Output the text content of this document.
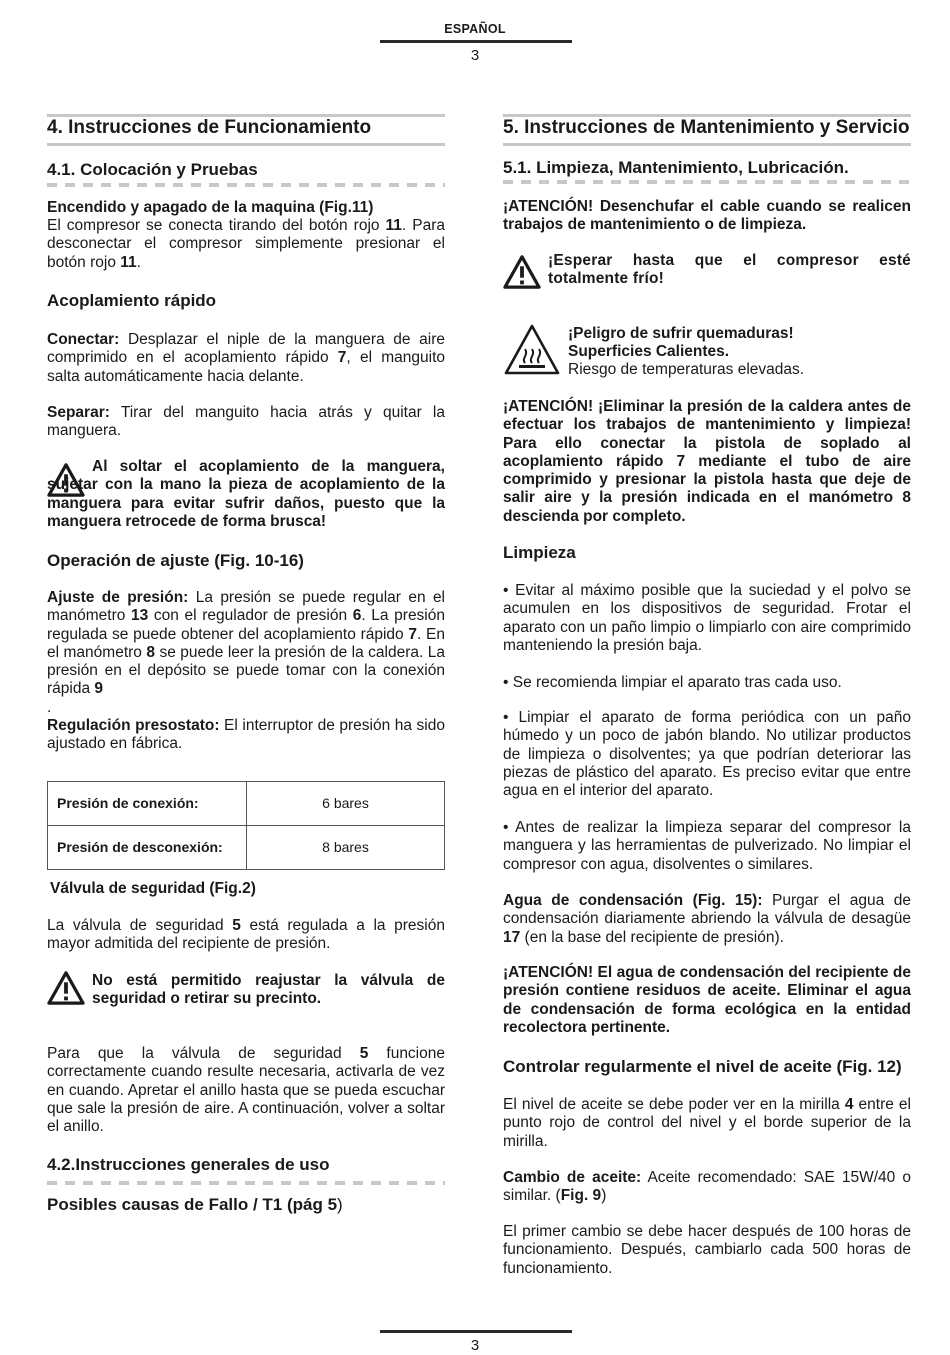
ESPAÑOL
3
4. Instrucciones de Funcionamiento
4.1. Colocación y Pruebas
Encendido y apagado de la maquina (Fig.11)
El compresor se conecta tirando del botón rojo 11. Para desconectar el compresor simplemente presionar el botón rojo 11.
Acoplamiento rápido
Conectar: Desplazar el niple de la manguera de aire comprimido en el acoplamiento rápido 7, el manguito salta automáticamente hacia delante.
Separar: Tirar del manguito hacia atrás y quitar la manguera.
Al soltar el acoplamiento de la manguera, sujetar con la mano la pieza de acoplamiento de la manguera para evitar sufrir daños, puesto que la manguera retrocede de forma brusca!
Operación de ajuste (Fig. 10-16)
Ajuste de presión: La presión se puede regular en el manómetro 13 con el regulador de presión 6. La presión regulada se puede obtener del acoplamiento rápido 7. En el manómetro 8 se puede leer la presión de la caldera. La presión en el depósito se puede tomar con la conexión rápida 9
.
Regulación presostato: El interruptor de presión ha sido ajustado en fábrica.
Presión de conexión:	6 bares
Presión de desconexión:	8 bares
Válvula de seguridad (Fig.2)
La válvula de seguridad 5 está regulada a la presión mayor admitida del recipiente de presión.
No está permitido reajustar la válvula de seguridad o retirar su precinto.
Para que la válvula de seguridad 5 funcione correctamente cuando resulte necesaria, activarla de vez en cuando. Apretar el anillo hasta que se pueda escuchar que sale la presión de aire. A continuación, volver a soltar el anillo.
4.2.Instrucciones generales de uso
Posibles causas de Fallo / T1 (pág 5)
5. Instrucciones de Mantenimiento y Servicio
5.1. Limpieza, Mantenimiento, Lubricación.
¡ATENCIÓN! Desenchufar el cable cuando se realicen trabajos de mantenimiento o de limpieza.
¡Esperar hasta que el compresor esté totalmente frío!
¡Peligro de sufrir quemaduras!
Superficies Calientes.
Riesgo de temperaturas elevadas.
¡ATENCIÓN! ¡Eliminar la presión de la caldera antes de efectuar los trabajos de mantenimiento y limpieza! Para ello conectar la pistola de soplado al acoplamiento rápido 7 mediante el tubo de aire comprimido y presionar la pistola hasta que deje de salir aire y la presión indicada en el manómetro 8 descienda por completo.
Limpieza
• Evitar al máximo posible que la suciedad y el polvo se acumulen en los dispositivos de seguridad. Frotar el aparato con un paño limpio o limpiarlo con aire comprimido manteniendo la presión baja.
• Se recomienda limpiar el aparato tras cada uso.
• Limpiar el aparato de forma periódica con un paño húmedo y un poco de jabón blando. No utilizar productos de limpieza o disolventes; ya que podrían deteriorar las piezas de plástico del aparato. Es preciso evitar que entre agua en el interior del aparato.
• Antes de realizar la limpieza separar del compresor la manguera y las herramientas de pulverizado. No limpiar el compresor con agua, disolventes o similares.
Agua de condensación (Fig. 15): Purgar el agua de condensación diariamente abriendo la válvula de desagüe 17 (en la base del recipiente de presión).
¡ATENCIÓN! El agua de condensación del recipiente de presión contiene residuos de aceite. Eliminar el agua de condensación de forma ecológica en la entidad recolectora pertinente.
Controlar regularmente el nivel de aceite (Fig. 12)
El nivel de aceite se debe poder ver en la mirilla 4 entre el punto rojo de control del nivel y el borde superior de la mirilla.
Cambio de aceite: Aceite recomendado: SAE 15W/40 o similar. (Fig. 9)
El primer cambio se debe hacer después de 100 horas de funcionamiento. Después, cambiarlo cada 500 horas de funcionamiento.
3
